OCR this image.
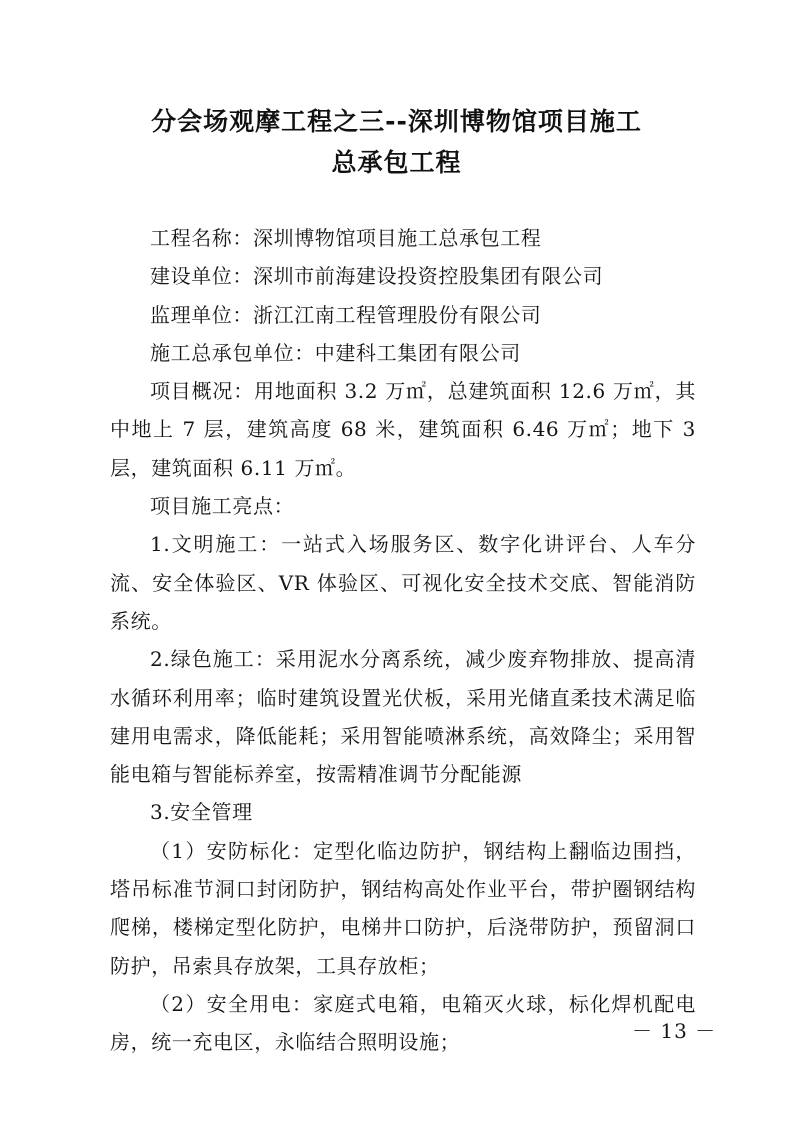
分会场观摩工程之三--深圳博物馆项目施工
总承包工程

工程名称：深圳博物馆项目施工总承包工程

建设单位：深圳市前海建设投资控股集团有限公司

监理单位：浙江江南工程管理股份有限公司

施工总承包单位：中建科工集团有限公司

项目概况：用地面积 3.2 万㎡，总建筑面积 12.6 万㎡，其中地上 7 层，建筑高度 68 米，建筑面积 6.46 万㎡；地下 3 层，建筑面积 6.11 万㎡。

项目施工亮点：

1.文明施工：一站式入场服务区、数字化讲评台、人车分流、安全体验区、VR 体验区、可视化安全技术交底、智能消防系统。

2.绿色施工：采用泥水分离系统，减少废弃物排放、提高清水循环利用率；临时建筑设置光伏板，采用光储直柔技术满足临建用电需求，降低能耗；采用智能喷淋系统，高效降尘；采用智能电箱与智能标养室，按需精准调节分配能源

3.安全管理

（1）安防标化：定型化临边防护，钢结构上翻临边围挡，塔吊标准节洞口封闭防护，钢结构高处作业平台，带护圈钢结构爬梯，楼梯定型化防护，电梯井口防护，后浇带防护，预留洞口防护，吊索具存放架，工具存放柜；

（2）安全用电：家庭式电箱，电箱灭火球，标化焊机配电房，统一充电区，永临结合照明设施；	－ 13 －
